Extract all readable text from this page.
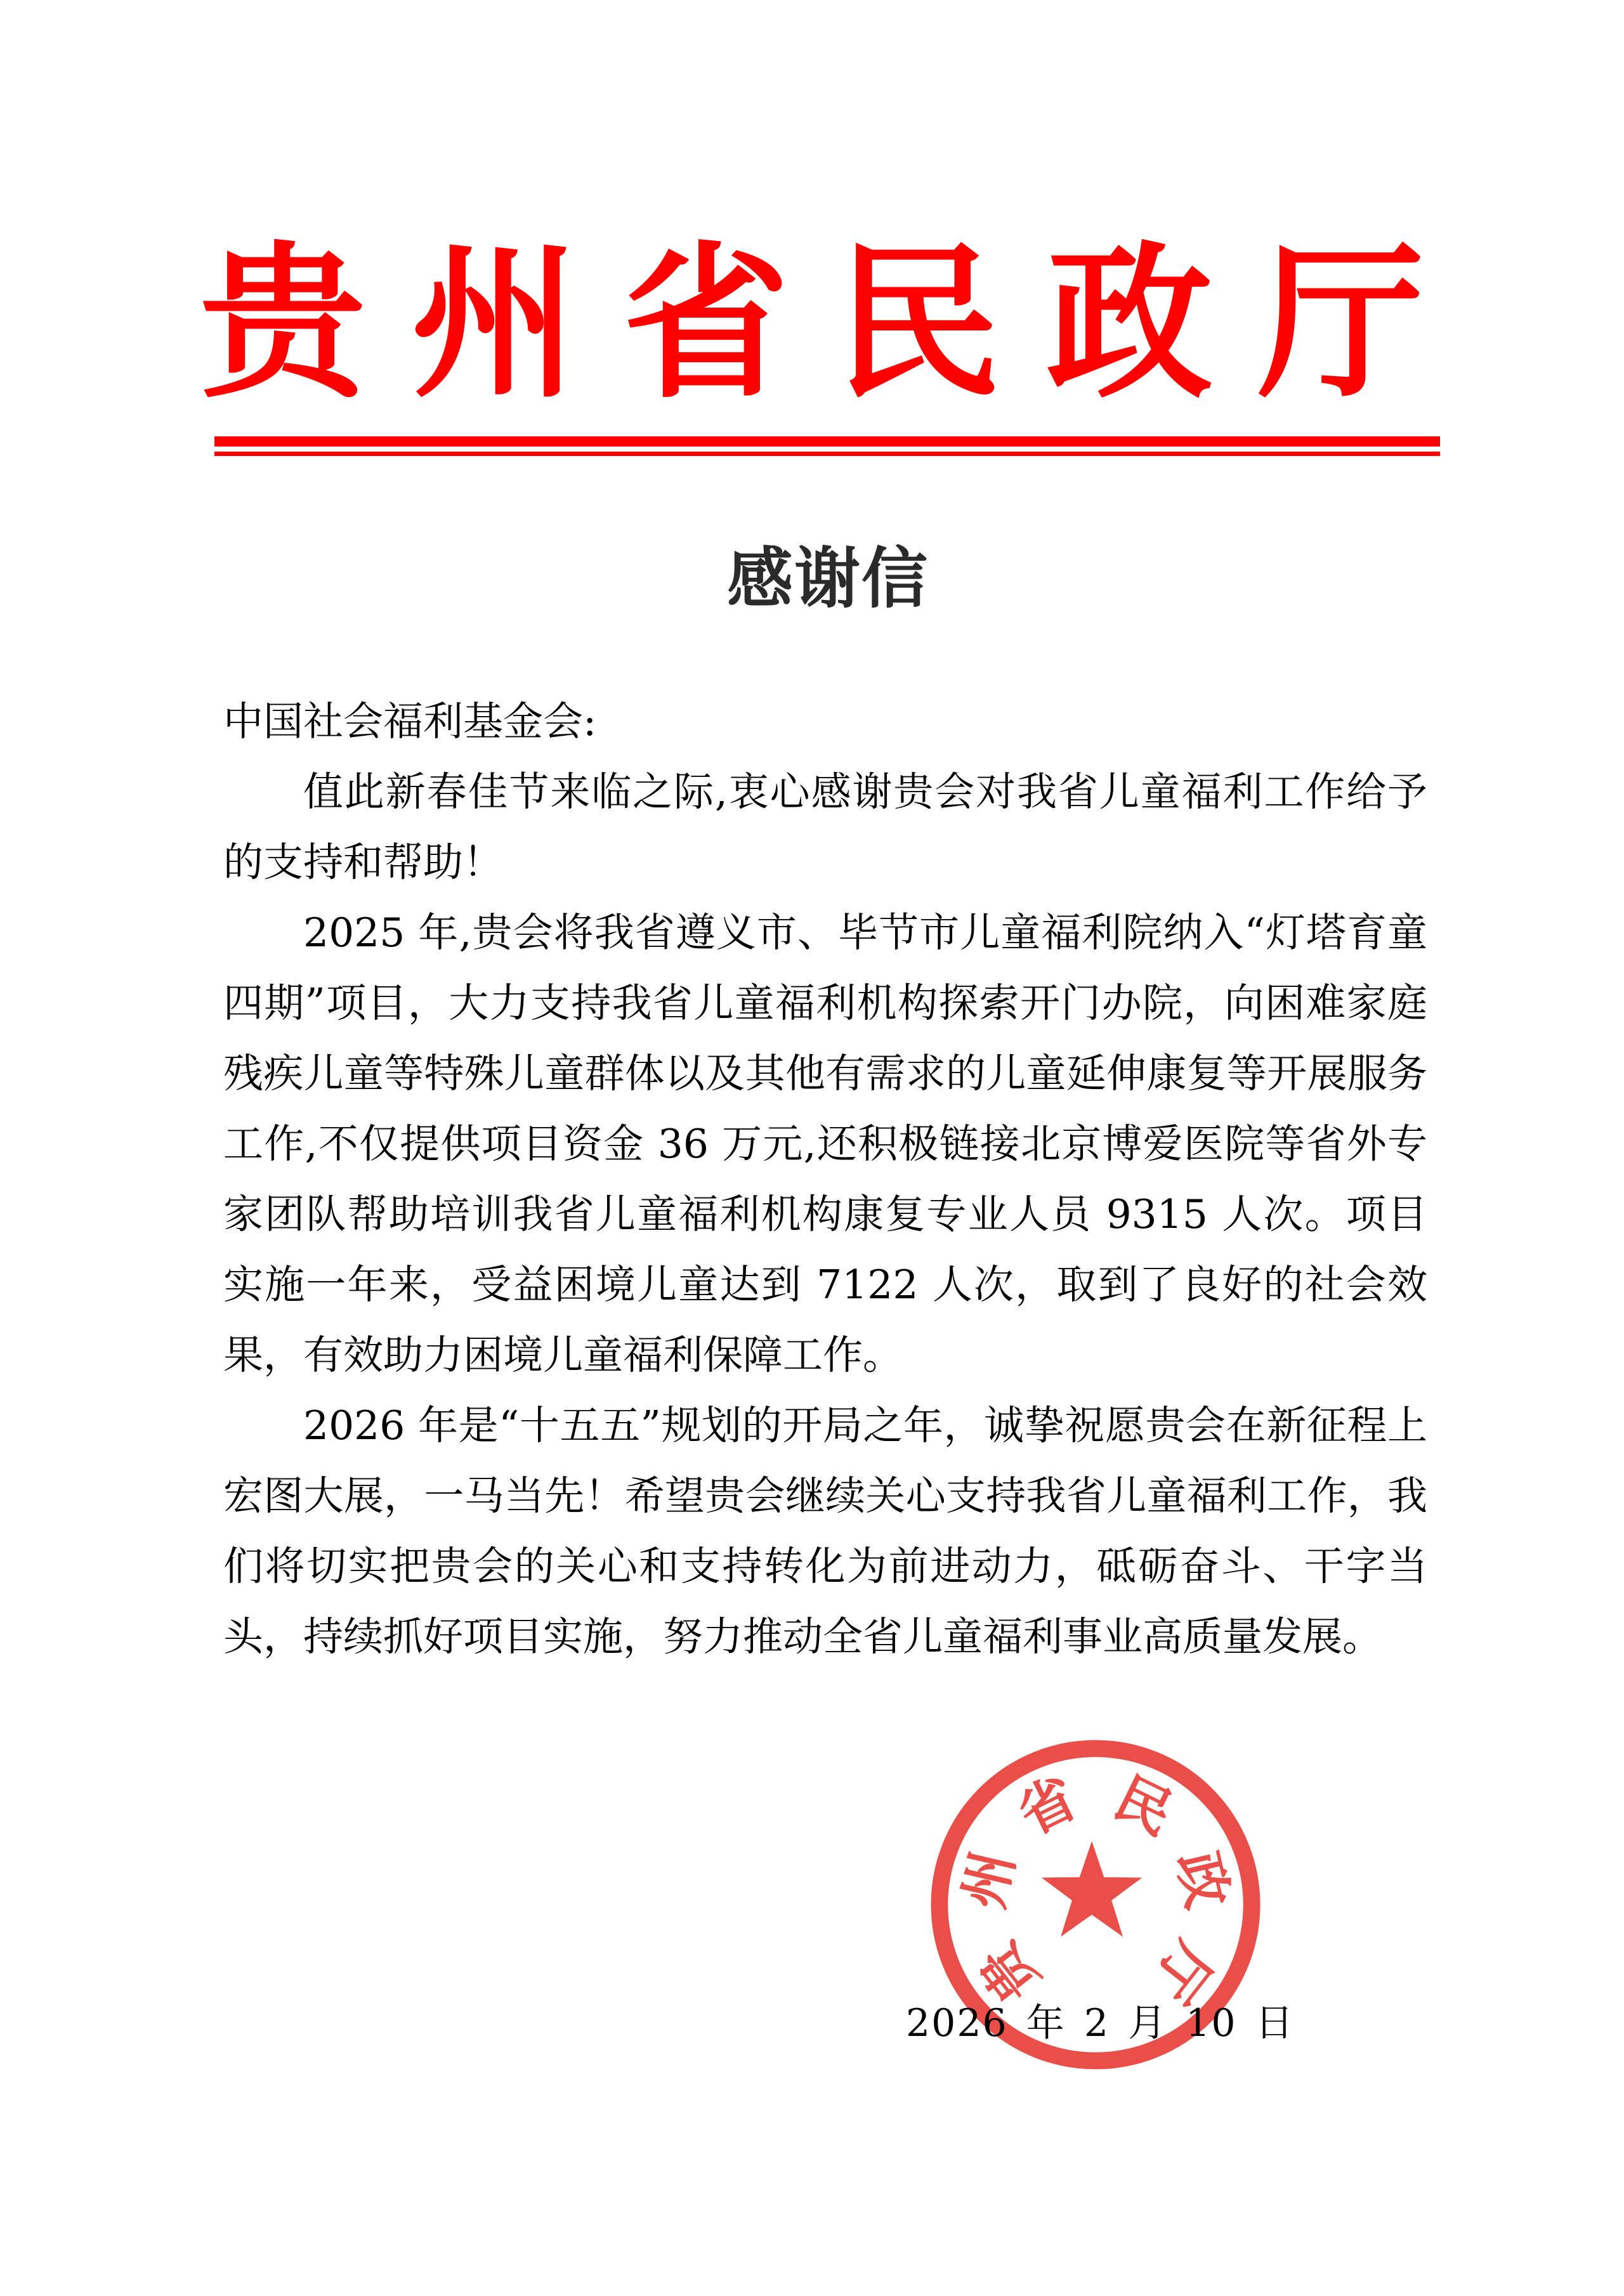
贵 州 省 民 政 厅
感谢信

中国社会福利基金会:

值此新春佳节来临之际,衷心感谢贵会对我省儿童福利工作给予的支持和帮助！

2025 年,贵会将我省遵义市、毕节市儿童福利院纳入“灯塔育童四期”项目，大力支持我省儿童福利机构探索开门办院，向困难家庭残疾儿童等特殊儿童群体以及其他有需求的儿童延伸康复等开展服务工作,不仅提供项目资金 36 万元,还积极链接北京博爱医院等省外专家团队帮助培训我省儿童福利机构康复专业人员 9315 人次。项目实施一年来，受益困境儿童达到 7122 人次，取到了良好的社会效果，有效助力困境儿童福利保障工作。

2026 年是“十五五”规划的开局之年，诚挚祝愿贵会在新征程上宏图大展，一马当先！希望贵会继续关心支持我省儿童福利工作，我们将切实把贵会的关心和支持转化为前进动力，砥砺奋斗、干字当头，持续抓好项目实施，努力推动全省儿童福利事业高质量发展。

贵
州
省 民
政
厅
2026 年 2 月 10 日
